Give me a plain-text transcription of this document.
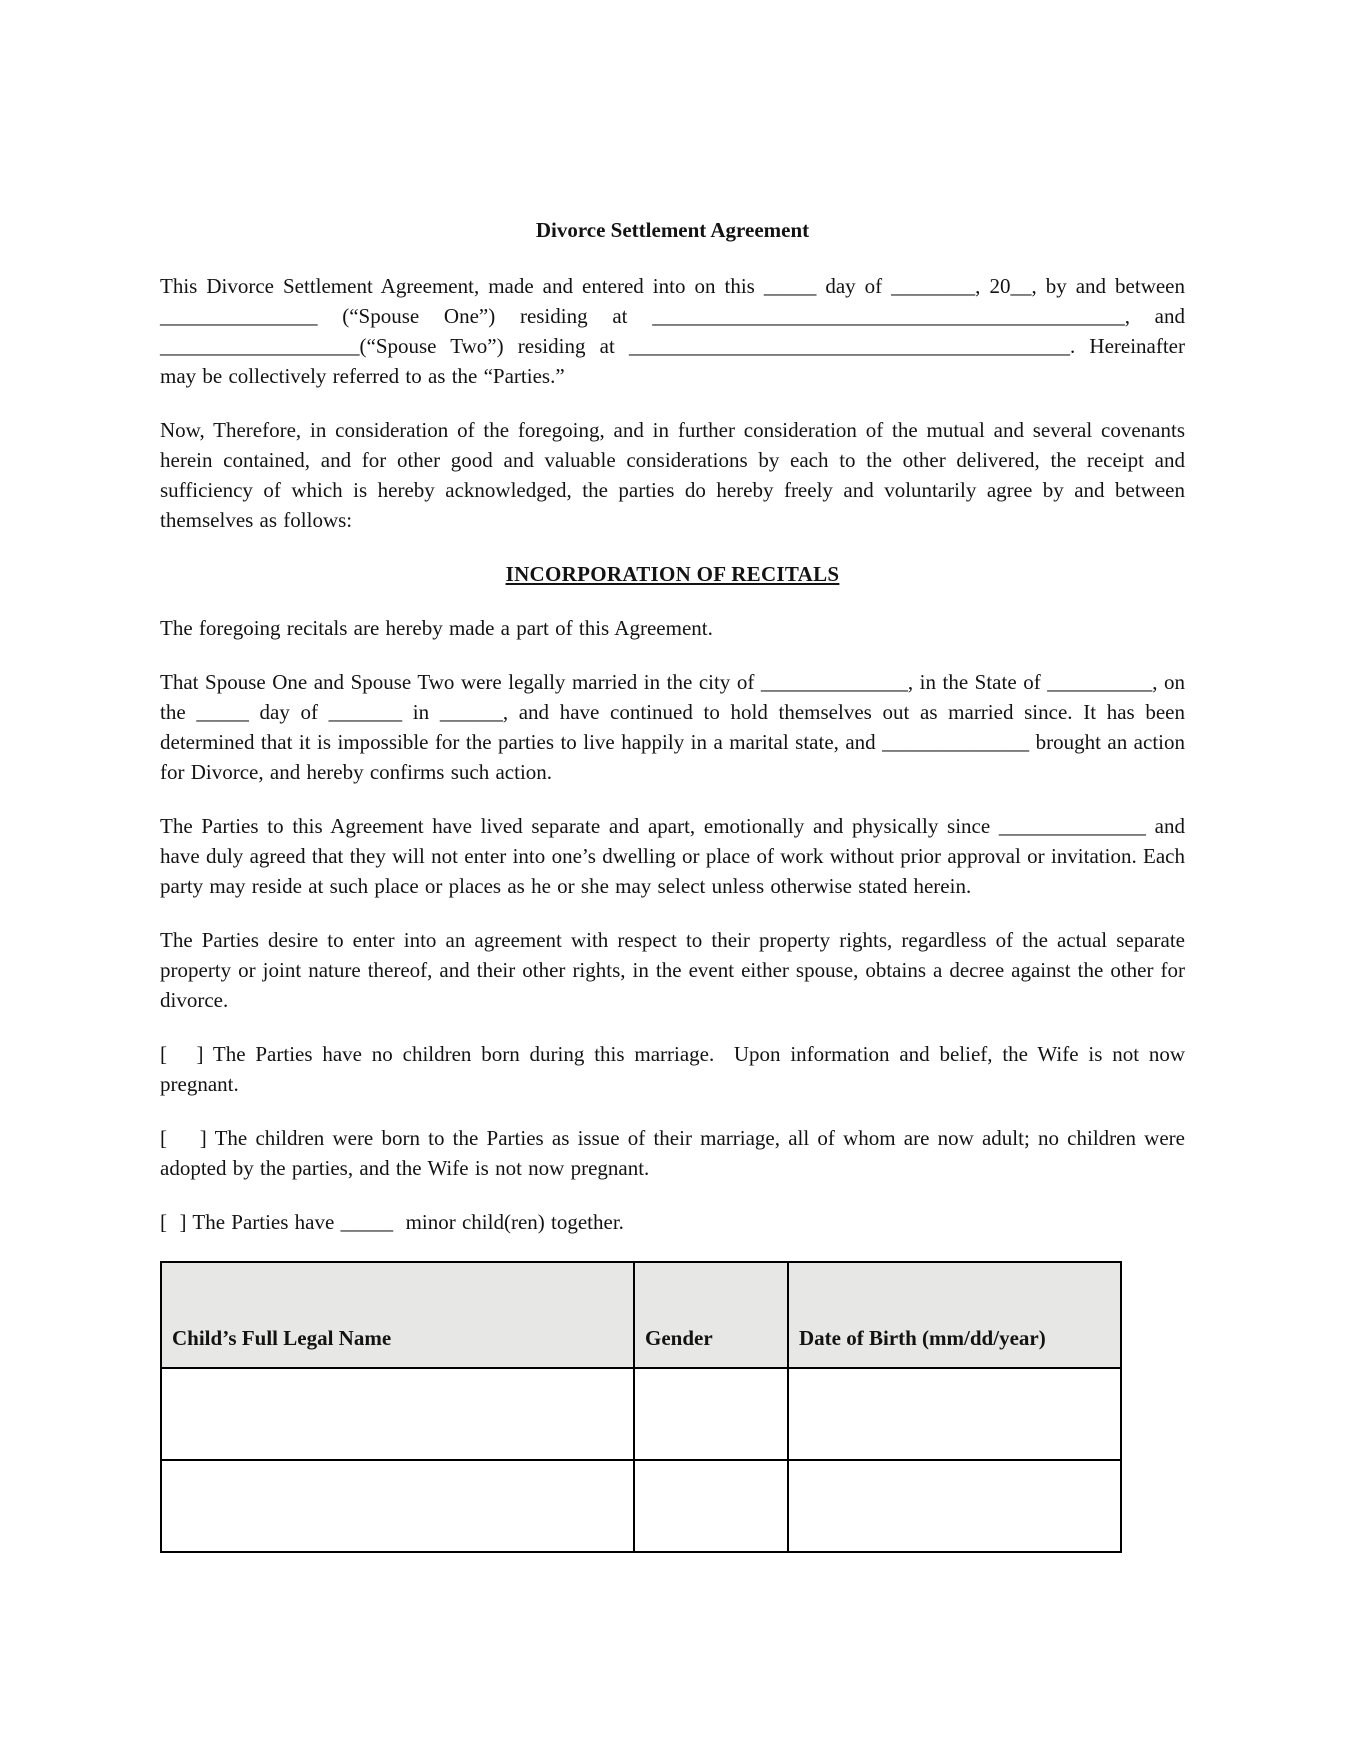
Divorce Settlement Agreement

This Divorce Settlement Agreement, made and entered into on this _____ day of ________, 20__, by and between _______________ (“Spouse One”) residing at _____________________________________________, and ___________________(“Spouse Two”) residing at __________________________________________. Hereinafter may be collectively referred to as the “Parties.”

Now, Therefore, in consideration of the foregoing, and in further consideration of the mutual and several covenants herein contained, and for other good and valuable considerations by each to the other delivered, the receipt and sufficiency of which is hereby acknowledged, the parties do hereby freely and voluntarily agree by and between themselves as follows:

INCORPORATION OF RECITALS

The foregoing recitals are hereby made a part of this Agreement.

That Spouse One and Spouse Two were legally married in the city of ______________, in the State of __________, on the _____ day of _______ in ______, and have continued to hold themselves out as married since. It has been determined that it is impossible for the parties to live happily in a marital state, and ______________ brought an action for Divorce, and hereby confirms such action.

The Parties to this Agreement have lived separate and apart, emotionally and physically since ______________ and have duly agreed that they will not enter into one’s dwelling or place of work without prior approval or invitation. Each party may reside at such place or places as he or she may select unless otherwise stated herein.

The Parties desire to enter into an agreement with respect to their property rights, regardless of the actual separate property or joint nature thereof, and their other rights, in the event either spouse, obtains a decree against the other for divorce.

[   ] The Parties have no children born during this marriage.  Upon information and belief, the Wife is not now pregnant.

[    ] The children were born to the Parties as issue of their marriage, all of whom are now adult; no children were adopted by the parties, and the Wife is not now pregnant.

[  ] The Parties have _____  minor child(ren) together.

Child’s Full Legal Name	Gender	Date of Birth (mm/dd/year)
